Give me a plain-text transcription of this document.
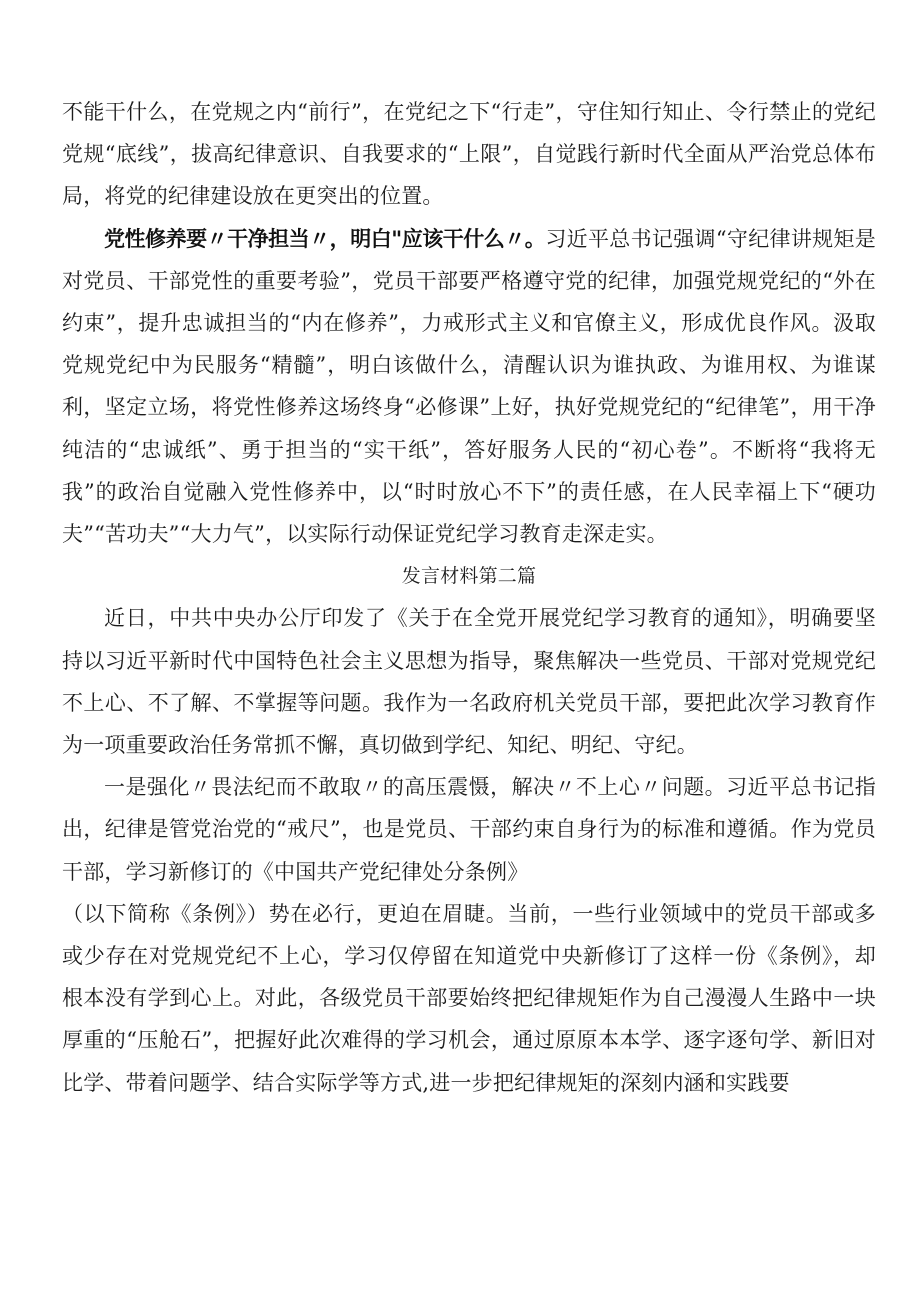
不能干什么，在党规之内“前行”，在党纪之下“行走”，守住知行知止、令行禁止的党纪党规“底线”，拔高纪律意识、自我要求的“上限”，自觉践行新时代全面从严治党总体布局，将党的纪律建设放在更突出的位置。

党性修养要〃干净担当〃，明白"应该干什么〃。习近平总书记强调“守纪律讲规矩是对党员、干部党性的重要考验”，党员干部要严格遵守党的纪律，加强党规党纪的“外在约束”，提升忠诚担当的“内在修养”，力戒形式主义和官僚主义，形成优良作风。汲取党规党纪中为民服务“精髓”，明白该做什么，清醒认识为谁执政、为谁用权、为谁谋利，坚定立场，将党性修养这场终身“必修课”上好，执好党规党纪的“纪律笔”，用干净纯洁的“忠诚纸”、勇于担当的“实干纸”，答好服务人民的“初心卷”。不断将“我将无我”的政治自觉融入党性修养中，以“时时放心不下”的责任感，在人民幸福上下“硬功夫”“苦功夫”“大力气”，以实际行动保证党纪学习教育走深走实。

发言材料第二篇

近日，中共中央办公厅印发了《关于在全党开展党纪学习教育的通知》，明确要坚持以习近平新时代中国特色社会主义思想为指导，聚焦解决一些党员、干部对党规党纪不上心、不了解、不掌握等问题。我作为一名政府机关党员干部，要把此次学习教育作为一项重要政治任务常抓不懈，真切做到学纪、知纪、明纪、守纪。

一是强化〃畏法纪而不敢取〃的高压震慑，解决〃不上心〃问题。习近平总书记指出，纪律是管党治党的“戒尺”，也是党员、干部约束自身行为的标准和遵循。作为党员干部，学习新修订的《中国共产党纪律处分条例》

（以下简称《条例》）势在必行，更迫在眉睫。当前，一些行业领域中的党员干部或多或少存在对党规党纪不上心，学习仅停留在知道党中央新修订了这样一份《条例》，却根本没有学到心上。对此，各级党员干部要始终把纪律规矩作为自己漫漫人生路中一块厚重的“压舱石”，把握好此次难得的学习机会，通过原原本本学、逐字逐句学、新旧对比学、带着问题学、结合实际学等方式,进一步把纪律规矩的深刻内涵和实践要
